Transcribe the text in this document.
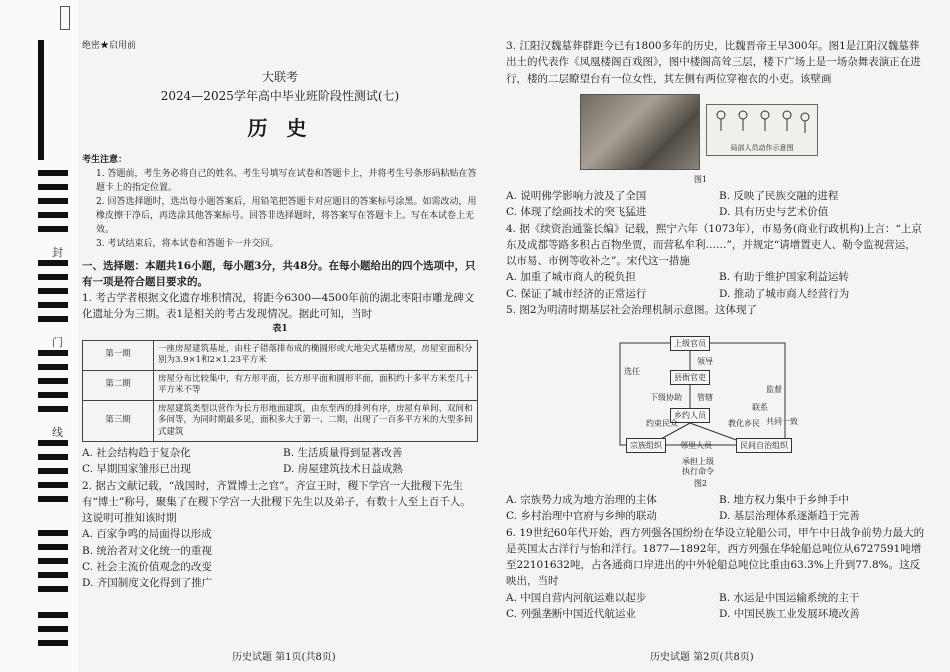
封
门
线

绝密★启用前

大联考

2024—2025学年高中毕业班阶段性测试(七)

历 史

考生注意：

1. 答题前，考生务必将自己的姓名、考生号填写在试卷和答题卡上，并将考生号条形码粘贴在答题卡上的指定位置。

2. 回答选择题时，选出每小题答案后，用铅笔把答题卡对应题目的答案标号涂黑。如需改动，用橡皮擦干净后，再选涂其他答案标号。回答非选择题时，将答案写在答题卡上。写在本试卷上无效。

3. 考试结束后，将本试卷和答题卡一并交回。

一、选择题：本题共16小题，每小题3分，共48分。在每小题给出的四个选项中，只有一项是符合题目要求的。

1. 考古学者根据文化遗存堆积情况，将距今6300—4500年前的湖北枣阳市雕龙碑文化遗址分为三期。表1是相关的考古发现情况。据此可知，当时

表1

第一期	一座房屋建筑基址，由柱子错落排布成的椭圆形或大地尖式基槽房屋，房屋室面积分别为3.9×1和2×1.23平方米
第二期	房屋分布比较集中，有方形平面，长方形平面和圆形平面，面积约十多平方米至几十平方米不等
第三期	房屋建筑类型以营作为长方形地面建筑，由东至西的排列有序，房屋有单间、双间和多间等，为同时期最多见，面积多大于第一、二期，出现了一百多平方米的大型多间式建筑
A. 社会结构趋于复杂化	B. 生活质量得到显著改善
C. 早期国家雏形已出现	D. 房屋建筑技术日益成熟

2. 据古文献记载，“战国时，齐置博士之官”。齐宣王时，稷下学宫一大批稷下先生有“博士”称号，聚集了在稷下学宫一大批稷下先生以及弟子，有数十人至上百千人。这说明可推知该时期

A. 百家争鸣的局面得以形成

B. 统治者对文化统一的重视

C. 社会主流价值观念的改变

D. 齐国制度文化得到了推广

历史试题 第1页(共8页)

3. 江阳汉魏墓葬群距今已有1800多年的历史，比魏晋帝王早300年。图1是江阳汉魏墓葬出土的代表作《凤凰楼阁百戏图》，图中楼阁高耸三层，楼下广场上是一场杂舞表演正在进行，楼的二层瞭望台有一位女性，其左侧有两位穿袍衣的小吏。该壁画

局部人员动作示意图
图1
A. 说明佛学影响力波及了全国	B. 反映了民族交融的进程
C. 体现了绘画技术的突飞猛进	D. 具有历史与艺术价值

4. 据《续资治通鉴长编》记载，熙宁六年（1073年），市易务(商业行政机构)上言：“上京东及成都等路多积占百物坐贾，而营私牟利……”，并规定“请增置吏人、勒令监视营运，以市易、市例等收补之”。宋代这一措施

A. 加重了城市商人的税负担	B. 有助于维护国家利益运转
C. 保证了城市经济的正常运行	D. 推动了城市商人经营行为

5. 图2为明清时期基层社会治理机制示意图。这体现了

上级官员
县衙官吏
乡约人员
宗族组织	民间自治组织
邻里人员
领导
管辖
选任
监督
下级协助
联系
约束民众	教化乡民 共同一致
承担上级
执行命令
图2
A. 宗族势力成为地方治理的主体	B. 地方权力集中于乡绅手中
C. 乡村治理中官府与乡绅的联动	D. 基层治理体系逐渐趋于完善

6. 19世纪60年代开始，西方列强各国纷纷在华设立轮船公司，甲午中日战争前势力最大的是英国太古洋行与怡和洋行。1877—1892年，西方列强在华轮船总吨位从6727591吨增至22101632吨，占各通商口岸进出的中外轮船总吨位比重由63.3%上升到77.8%。这反映出，当时

A. 中国自营内河航运难以起步	B. 水运是中国运输系统的主干
C. 列强垄断中国近代航运业	D. 中国民族工业发展环境改善
历史试题 第2页(共8页)
